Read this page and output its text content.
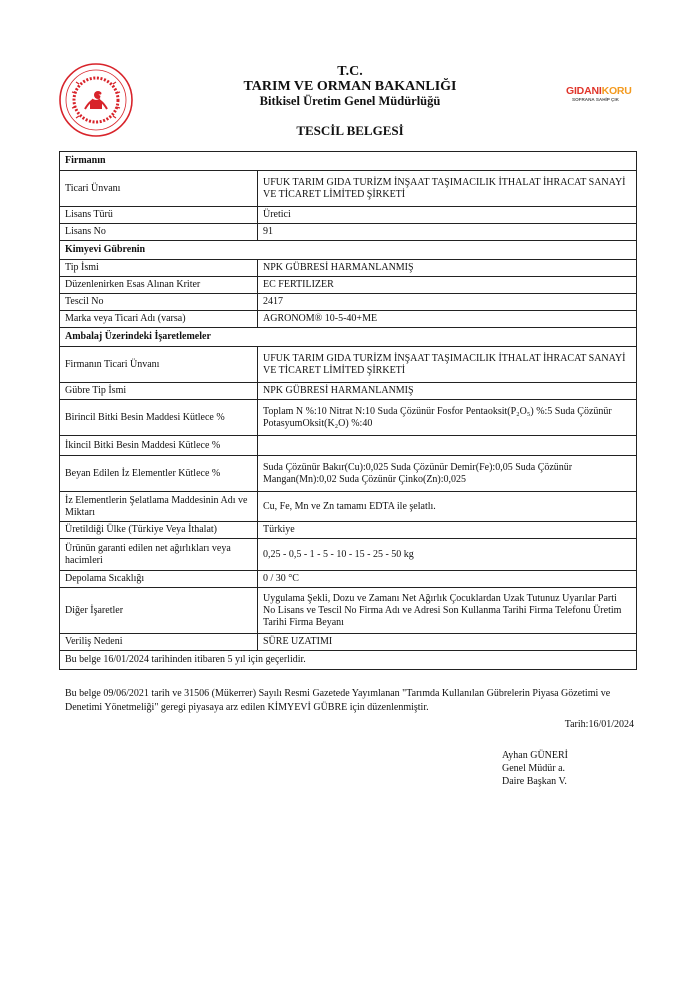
GIDANIKORU
SOFRANA SAHİP ÇIK
T.C.
TARIM VE ORMAN BAKANLIĞI
Bitkisel Üretim Genel Müdürlüğü
TESCİL BELGESİ
Firmanın	
Ticari Ünvanı	UFUK TARIM GIDA TURİZM İNŞAAT TAŞIMACILIK İTHALAT İHRACAT SANAYİ VE TİCARET LİMİTED ŞİRKETİ
Lisans Türü	Üretici
Lisans No	91
Kimyevi Gübrenin	
Tip İsmi	NPK GÜBRESİ HARMANLANMIŞ
Düzenlenirken Esas Alınan Kriter	EC FERTILIZER
Tescil No	2417
Marka veya Ticari Adı (varsa)	AGRONOM® 10-5-40+ME
Ambalaj Üzerindeki İşaretlemeler	
Firmanın Ticari Ünvanı	UFUK TARIM GIDA TURİZM İNŞAAT TAŞIMACILIK İTHALAT İHRACAT SANAYİ VE TİCARET LİMİTED ŞİRKETİ
Gübre Tip İsmi	NPK GÜBRESİ HARMANLANMIŞ
Birincil Bitki Besin Maddesi Kütlece %	Toplam N %:10 Nitrat N:10 Suda Çözünür Fosfor Pentaoksit(P₂O₅) %:5 Suda Çözünür PotasyumOksit(K₂O) %:40
İkincil Bitki Besin Maddesi Kütlece %	
Beyan Edilen İz Elementler Kütlece %	Suda Çözünür Bakır(Cu):0,025 Suda Çözünür Demir(Fe):0,05 Suda Çözünür Mangan(Mn):0,02 Suda Çözünür Çinko(Zn):0,025
İz Elementlerin Şelatlama Maddesinin Adı ve Miktarı	Cu, Fe, Mn ve Zn tamamı EDTA ile şelatlı.
Üretildiği Ülke (Türkiye Veya İthalat)	Türkiye
Ürünün garanti edilen net ağırlıkları veya hacimleri	0,25 - 0,5 - 1 - 5 - 10 - 15 - 25 - 50 kg
Depolama Sıcaklığı	0 / 30 °C
Diğer İşaretler	Uygulama Şekli, Dozu ve Zamanı Net Ağırlık Çocuklardan Uzak Tutunuz Uyarılar Parti No Lisans ve Tescil No Firma Adı ve Adresi Son Kullanma Tarihi Firma Telefonu Üretim Tarihi Firma Beyanı
Veriliş Nedeni	SÜRE UZATIMI
Bu belge 16/01/2024 tarihinden itibaren 5 yıl için geçerlidir.	
Bu belge 09/06/2021 tarih ve 31506 (Mükerrer) Sayılı Resmi Gazetede Yayımlanan "Tarımda Kullanılan Gübrelerin Piyasa Gözetimi ve Denetimi Yönetmeliği" geregi piyasaya arz edilen KİMYEVİ GÜBRE için düzenlenmiştir.
Tarih:16/01/2024
Ayhan GÜNERİ
Genel Müdür a.
Daire Başkan V.
